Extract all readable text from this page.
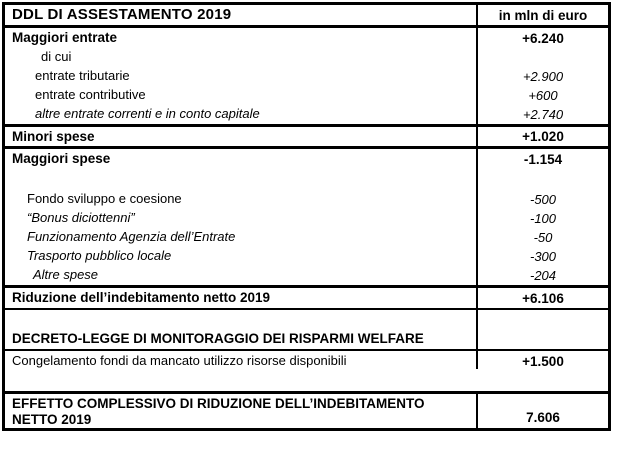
DDL DI ASSESTAMENTO 2019	in mln di euro
Maggiori entrate	+6.240
di cui
entrate tributarie	+2.900
entrate contributive	+600
altre entrate correnti e in conto capitale	+2.740
Minori spese	+1.020
Maggiori spese	-1.154
Fondo sviluppo e coesione	-500
“Bonus diciottenni”	-100
Funzionamento Agenzia dell’Entrate	-50
Trasporto pubblico locale	-300
Altre spese	-204
Riduzione dell’indebitamento netto 2019	+6.106
DECRETO-LEGGE DI MONITORAGGIO DEI RISPARMI WELFARE
Congelamento fondi da mancato utilizzo risorse disponibili	+1.500
EFFETTO COMPLESSIVO DI RIDUZIONE DELL’INDEBITAMENTO NETTO 2019	7.606
